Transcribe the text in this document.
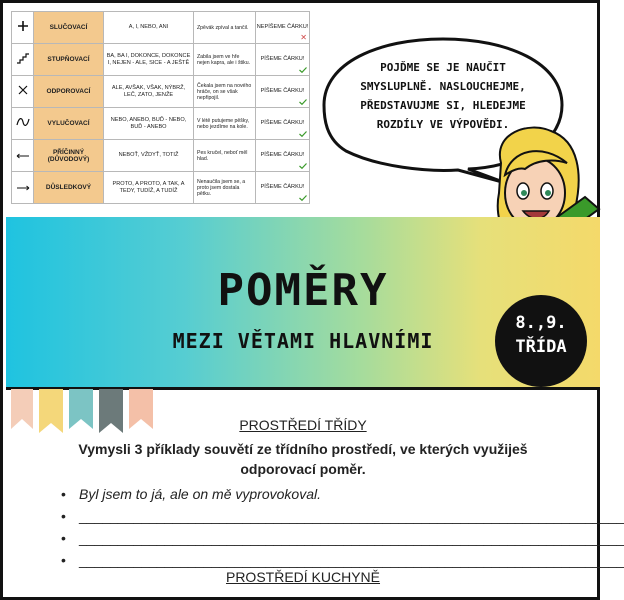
	SLUČOVACÍ	A, I, NEBO, ANI	Zpěvák zpíval a tančil.	NEPÍŠEME ČÁRKU!
✕

	STUPŇOVACÍ	BA, BA I, DOKONCE, DOKONCE I, NEJEN - ALE, SICE - A JEŠTĚ	Zabila jsem ve hře nejen kapra, ale i štiku.	PÍŠEME ČÁRKU!

	ODPOROVACÍ	ALE, AVŠAK, VŠAK, NÝBRŽ, LEČ, ZATO, JENŽE	Čekala jsem na nového hráče, on se však nepřipojil.	PÍŠEME ČÁRKU!

	VYLUČOVACÍ	NEBO, ANEBO, BUĎ - NEBO, BUĎ - ANEBO	V létě putujeme pěšky, nebo jezdíme na kole.	PÍŠEME ČÁRKU!

	PŘÍČINNÝ (DŮVODOVÝ)	NEBOŤ, VŽDYŤ, TOTIŽ	Pes kručel, neboť měl hlad.	PÍŠEME ČÁRKU!

	DŮSLEDKOVÝ	PROTO, A PROTO, A TAK, A TEDY, TUDÍŽ, A TUDÍŽ	Nenaučila jsem se, a proto jsem dostala pětku.	PÍŠEME ČÁRKU!
POJĎME SE JE NAUČIT SMYSLUPLNĚ. NASLOUCHEJME, PŘEDSTAVUJME SI, HLEDEJME ROZDÍLY VE VÝPOVĚDI.
POMĚRY
MEZI VĚTAMI HLAVNÍMI
8.,9.
TŘÍDA
PROSTŘEDÍ TŘÍDY
Vymysli 3 příklady souvětí ze třídního prostředí, ve kterých využiješ odporovací poměr.
• Byl jsem to já, ale on mě vyprovokoval.
• ______________________________________________________________________
• ______________________________________________________________________
• ______________________________________________________________________
PROSTŘEDÍ KUCHYNĚ
